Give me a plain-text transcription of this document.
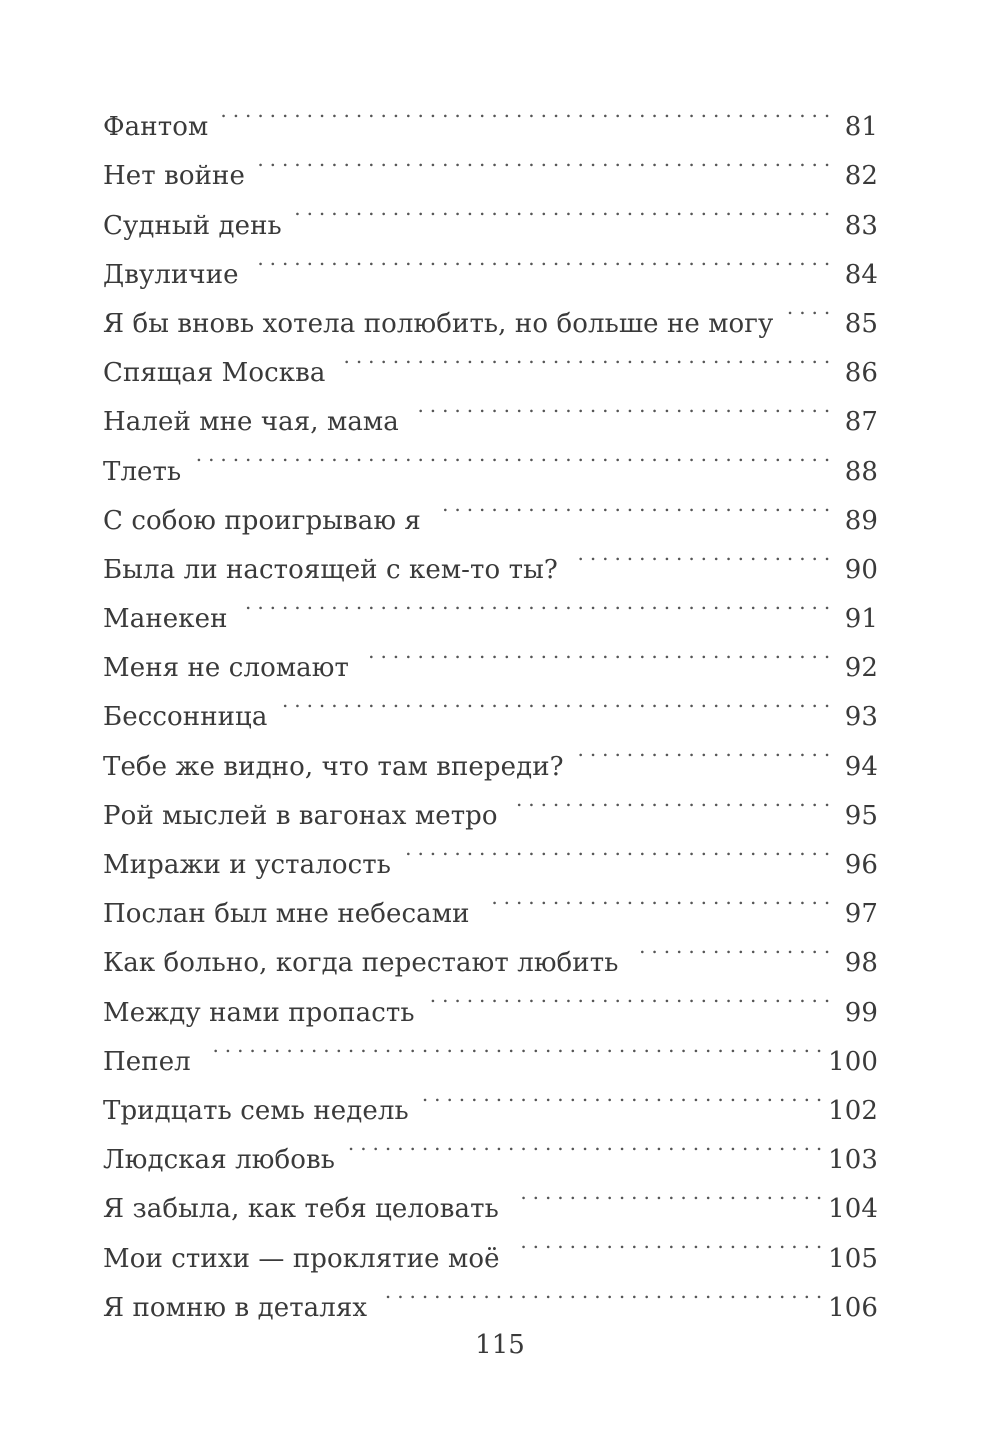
Фантом . . .	81
Нет войне . . .	82
Судный день . . .	83
Двуличие . . .	84
Я бы вновь хотела полюбить, но больше не могу . . .	85
Спящая Москва . . .	86
Налей мне чая, мама . . .	87
Тлеть . . .	88
С собою проигрываю я . . .	89
Была ли настоящей с кем-то ты? . . .	90
Манекен . . .	91
Меня не сломают . . .	92
Бессонница . . .	93
Тебе же видно, что там впереди? . . .	94
Рой мыслей в вагонах метро . . .	95
Миражи и усталость . . .	96
Послан был мне небесами . . .	97
Как больно, когда перестают любить . . .	98
Между нами пропасть . . .	99
Пепел . . .	100
Тридцать семь недель . . .	102
Людская любовь . . .	103
Я забыла, как тебя целовать . . .	104
Мои стихи — проклятие моё . . .	105
Я помню в деталях . . .	106
115
